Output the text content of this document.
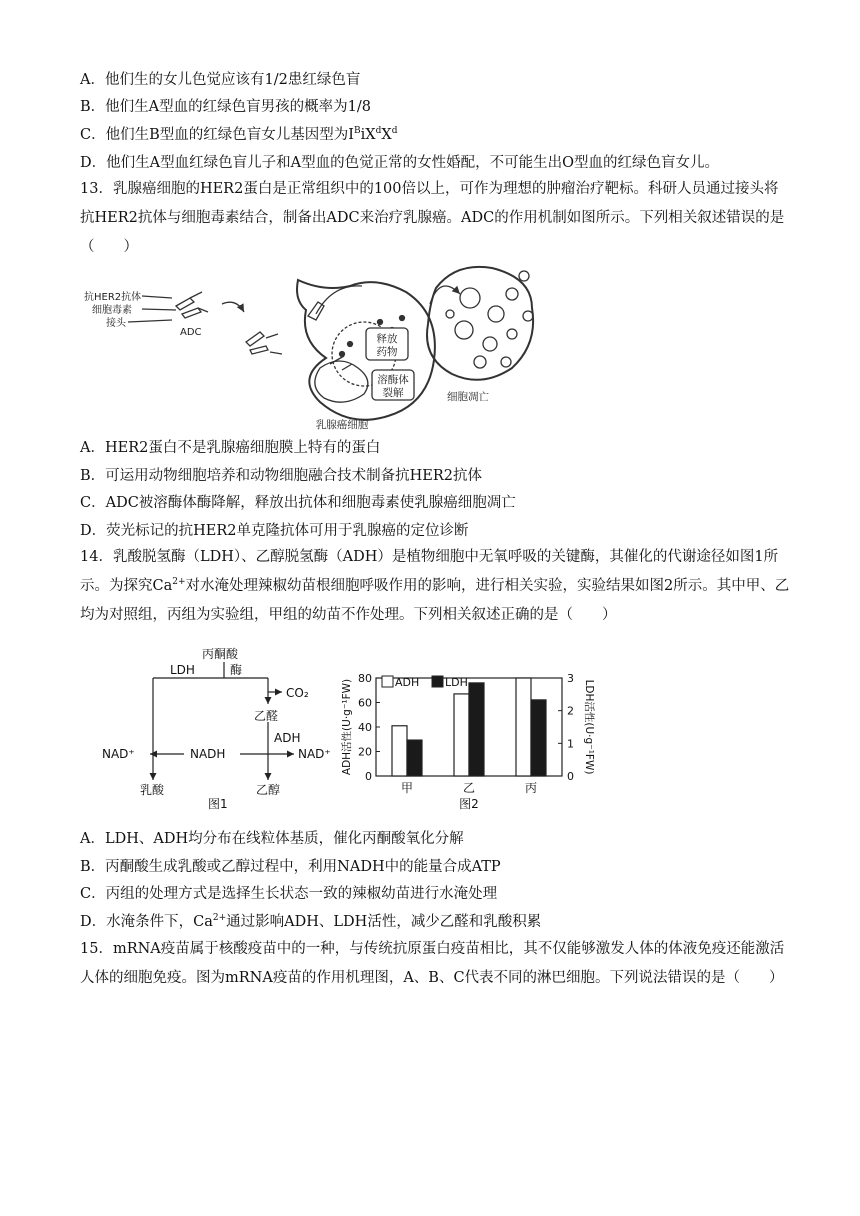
A．他们生的女儿色觉应该有1/2患红绿色盲
B．他们生A型血的红绿色盲男孩的概率为1/8
C．他们生B型血的红绿色盲女儿基因型为$I^BiX^dX^d$
D．他们生A型血红绿色盲儿子和A型血的色觉正常的女性婚配，不可能生出O型血的红绿色盲女儿。
13．乳腺癌细胞的HER2蛋白是正常组织中的100倍以上，可作为理想的肿瘤治疗靶标。科研人员通过接头将抗HER2抗体与细胞毒素结合，制备出ADC来治疗乳腺癌。ADC的作用机制如图所示。下列相关叙述错误的是（　　）
抗HER2抗体
细胞毒素
接头
ADC
释放
药物
溶酶体
裂解	细胞凋亡
乳腺癌细胞
A．HER2蛋白不是乳腺癌细胞膜上特有的蛋白
B．可运用动物细胞培养和动物细胞融合技术制备抗HER2抗体
C．ADC被溶酶体酶降解，释放出抗体和细胞毒素使乳腺癌细胞凋亡
D．荧光标记的抗HER2单克隆抗体可用于乳腺癌的定位诊断
14．乳酸脱氢酶（LDH）、乙醇脱氢酶（ADH）是植物细胞中无氧呼吸的关键酶，其催化的代谢途径如图1所示。为探究$Ca^{2+}$对水淹处理辣椒幼苗根细胞呼吸作用的影响，进行相关实验，实验结果如图2所示。其中甲、乙均为对照组，丙组为实验组，甲组的幼苗不作处理。下列相关叙述正确的是（　　）
丙酮酸
LDH	酶
CO₂
乙醛
ADH
NAD⁺	NADH	NAD⁺
乳酸	乙醇
图1
0
20
40
60
80
0
1
2
3
甲	乙	丙
ADH LDH
ADH活性(U·g⁻¹FW)	LDH活性(U·g⁻¹FW)
图2
A．LDH、ADH均分布在线粒体基质，催化丙酮酸氧化分解
B．丙酮酸生成乳酸或乙醇过程中，利用NADH中的能量合成ATP
C．丙组的处理方式是选择生长状态一致的辣椒幼苗进行水淹处理
D．水淹条件下，$Ca^{2+}$通过影响ADH、LDH活性，减少乙醛和乳酸积累
15．mRNA疫苗属于核酸疫苗中的一种，与传统抗原蛋白疫苗相比，其不仅能够激发人体的体液免疫还能激活人体的细胞免疫。图为mRNA疫苗的作用机理图，A、B、C代表不同的淋巴细胞。下列说法错误的是（　　）
